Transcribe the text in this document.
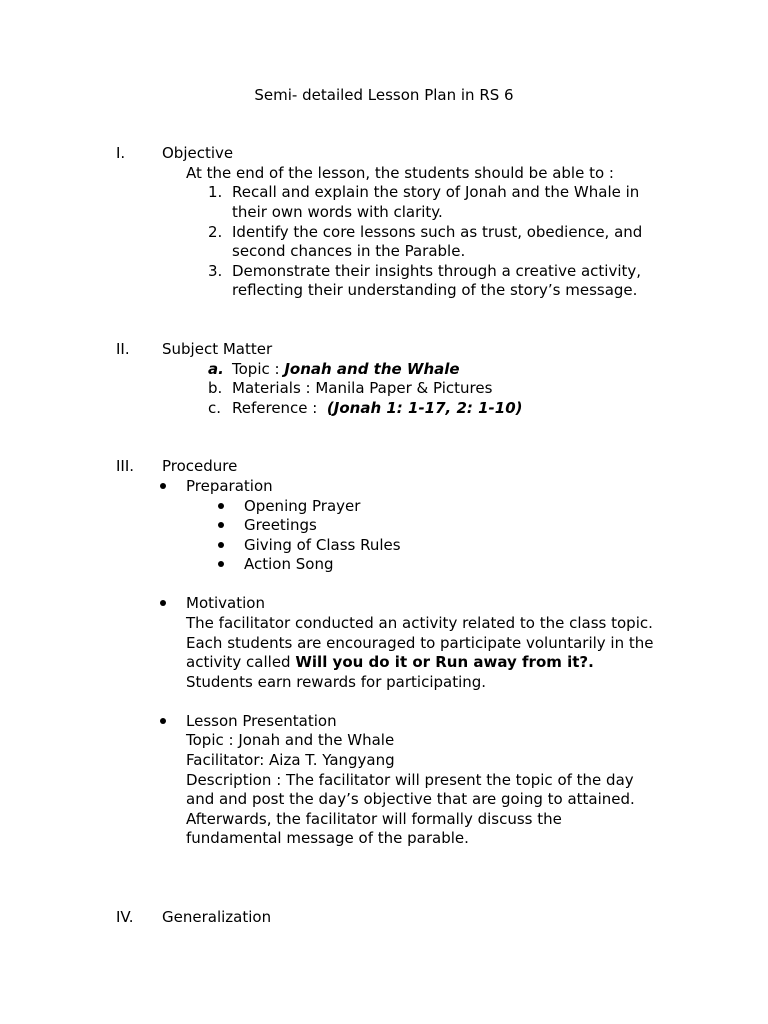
Semi- detailed Lesson Plan in RS 6
I. Objective
At the end of the lesson, the students should be able to :
1. Recall and explain the story of Jonah and the Whale in
their own words with clarity.
2. Identify the core lessons such as trust, obedience, and
second chances in the Parable.
3. Demonstrate their insights through a creative activity,
reflecting their understanding of the story’s message.
II. Subject Matter
a. Topic : Jonah and the Whale
b. Materials : Manila Paper & Pictures
c. Reference :  (Jonah 1: 1-17, 2: 1-10)
III. Procedure
Preparation
Opening Prayer
Greetings
Giving of Class Rules
Action Song
Motivation
The facilitator conducted an activity related to the class topic.
Each students are encouraged to participate voluntarily in the
activity called Will you do it or Run away from it?.
Students earn rewards for participating.
Lesson Presentation
Topic : Jonah and the Whale
Facilitator: Aiza T. Yangyang
Description : The facilitator will present the topic of the day
and and post the day’s objective that are going to attained.
Afterwards, the facilitator will formally discuss the
fundamental message of the parable.
IV. Generalization
